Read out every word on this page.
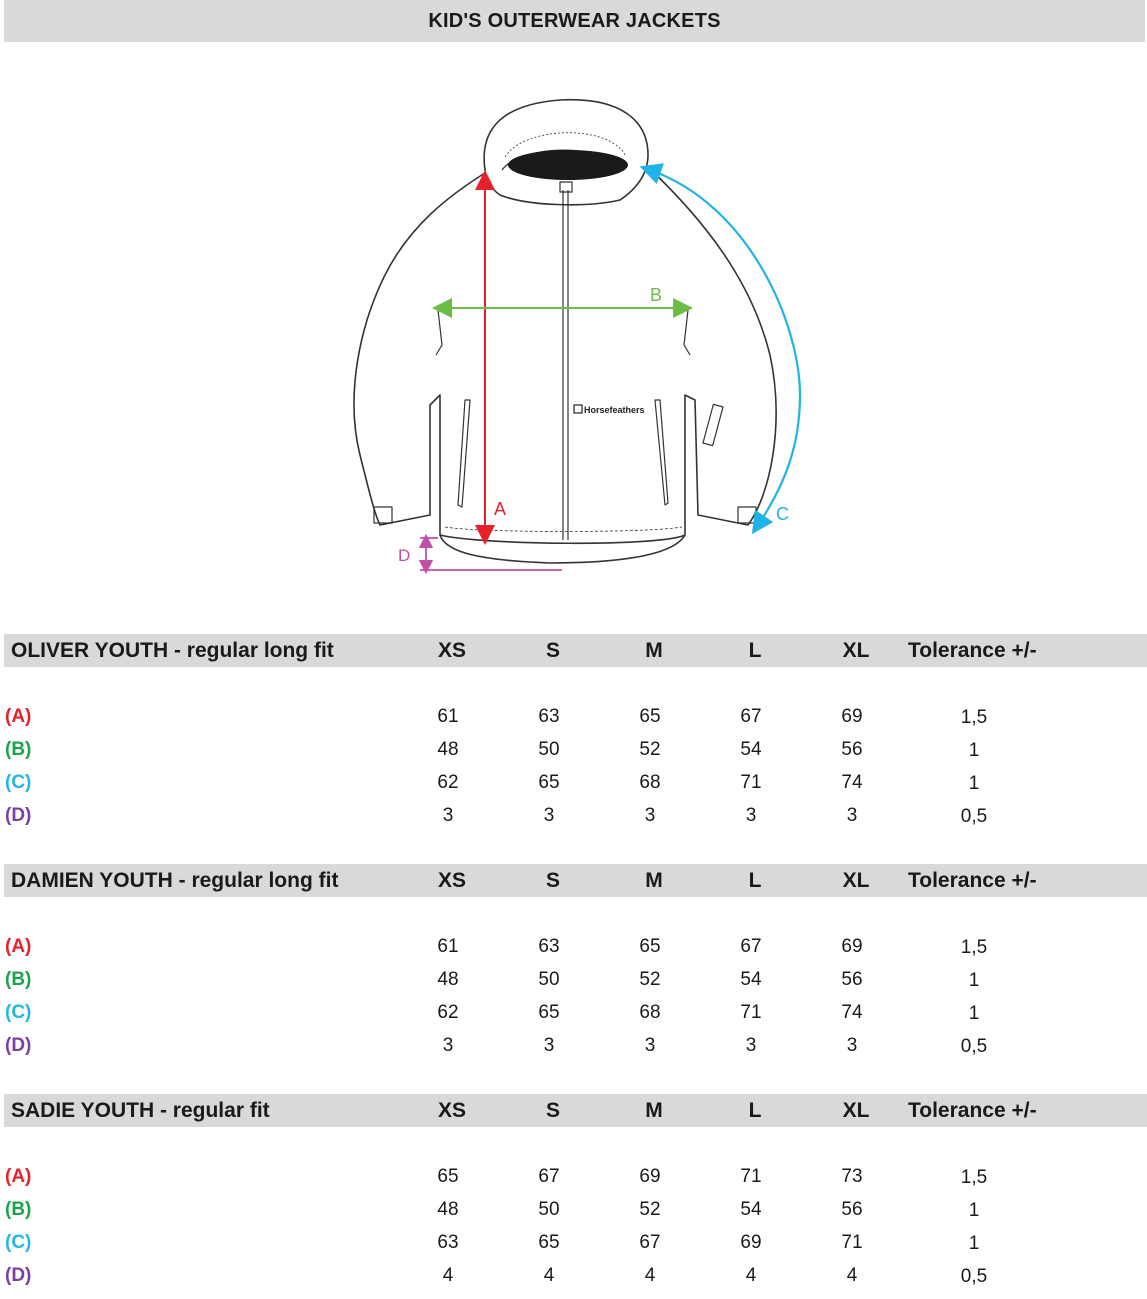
KID'S OUTERWEAR JACKETS
Horsefeathers
A
B
C
D
OLIVER YOUTH - regular long fit	XS	S	M	L	XL	Tolerance +/-
(A)	61	63	65	67	69	1,5
(B)	48	50	52	54	56	1
(C)	62	65	68	71	74	1
(D)	3	3	3	3	3	0,5
DAMIEN YOUTH - regular long fit	XS	S	M	L	XL	Tolerance +/-
(A)	61	63	65	67	69	1,5
(B)	48	50	52	54	56	1
(C)	62	65	68	71	74	1
(D)	3	3	3	3	3	0,5
SADIE YOUTH - regular fit	XS	S	M	L	XL	Tolerance +/-
(A)	65	67	69	71	73	1,5
(B)	48	50	52	54	56	1
(C)	63	65	67	69	71	1
(D)	4	4	4	4	4	0,5
